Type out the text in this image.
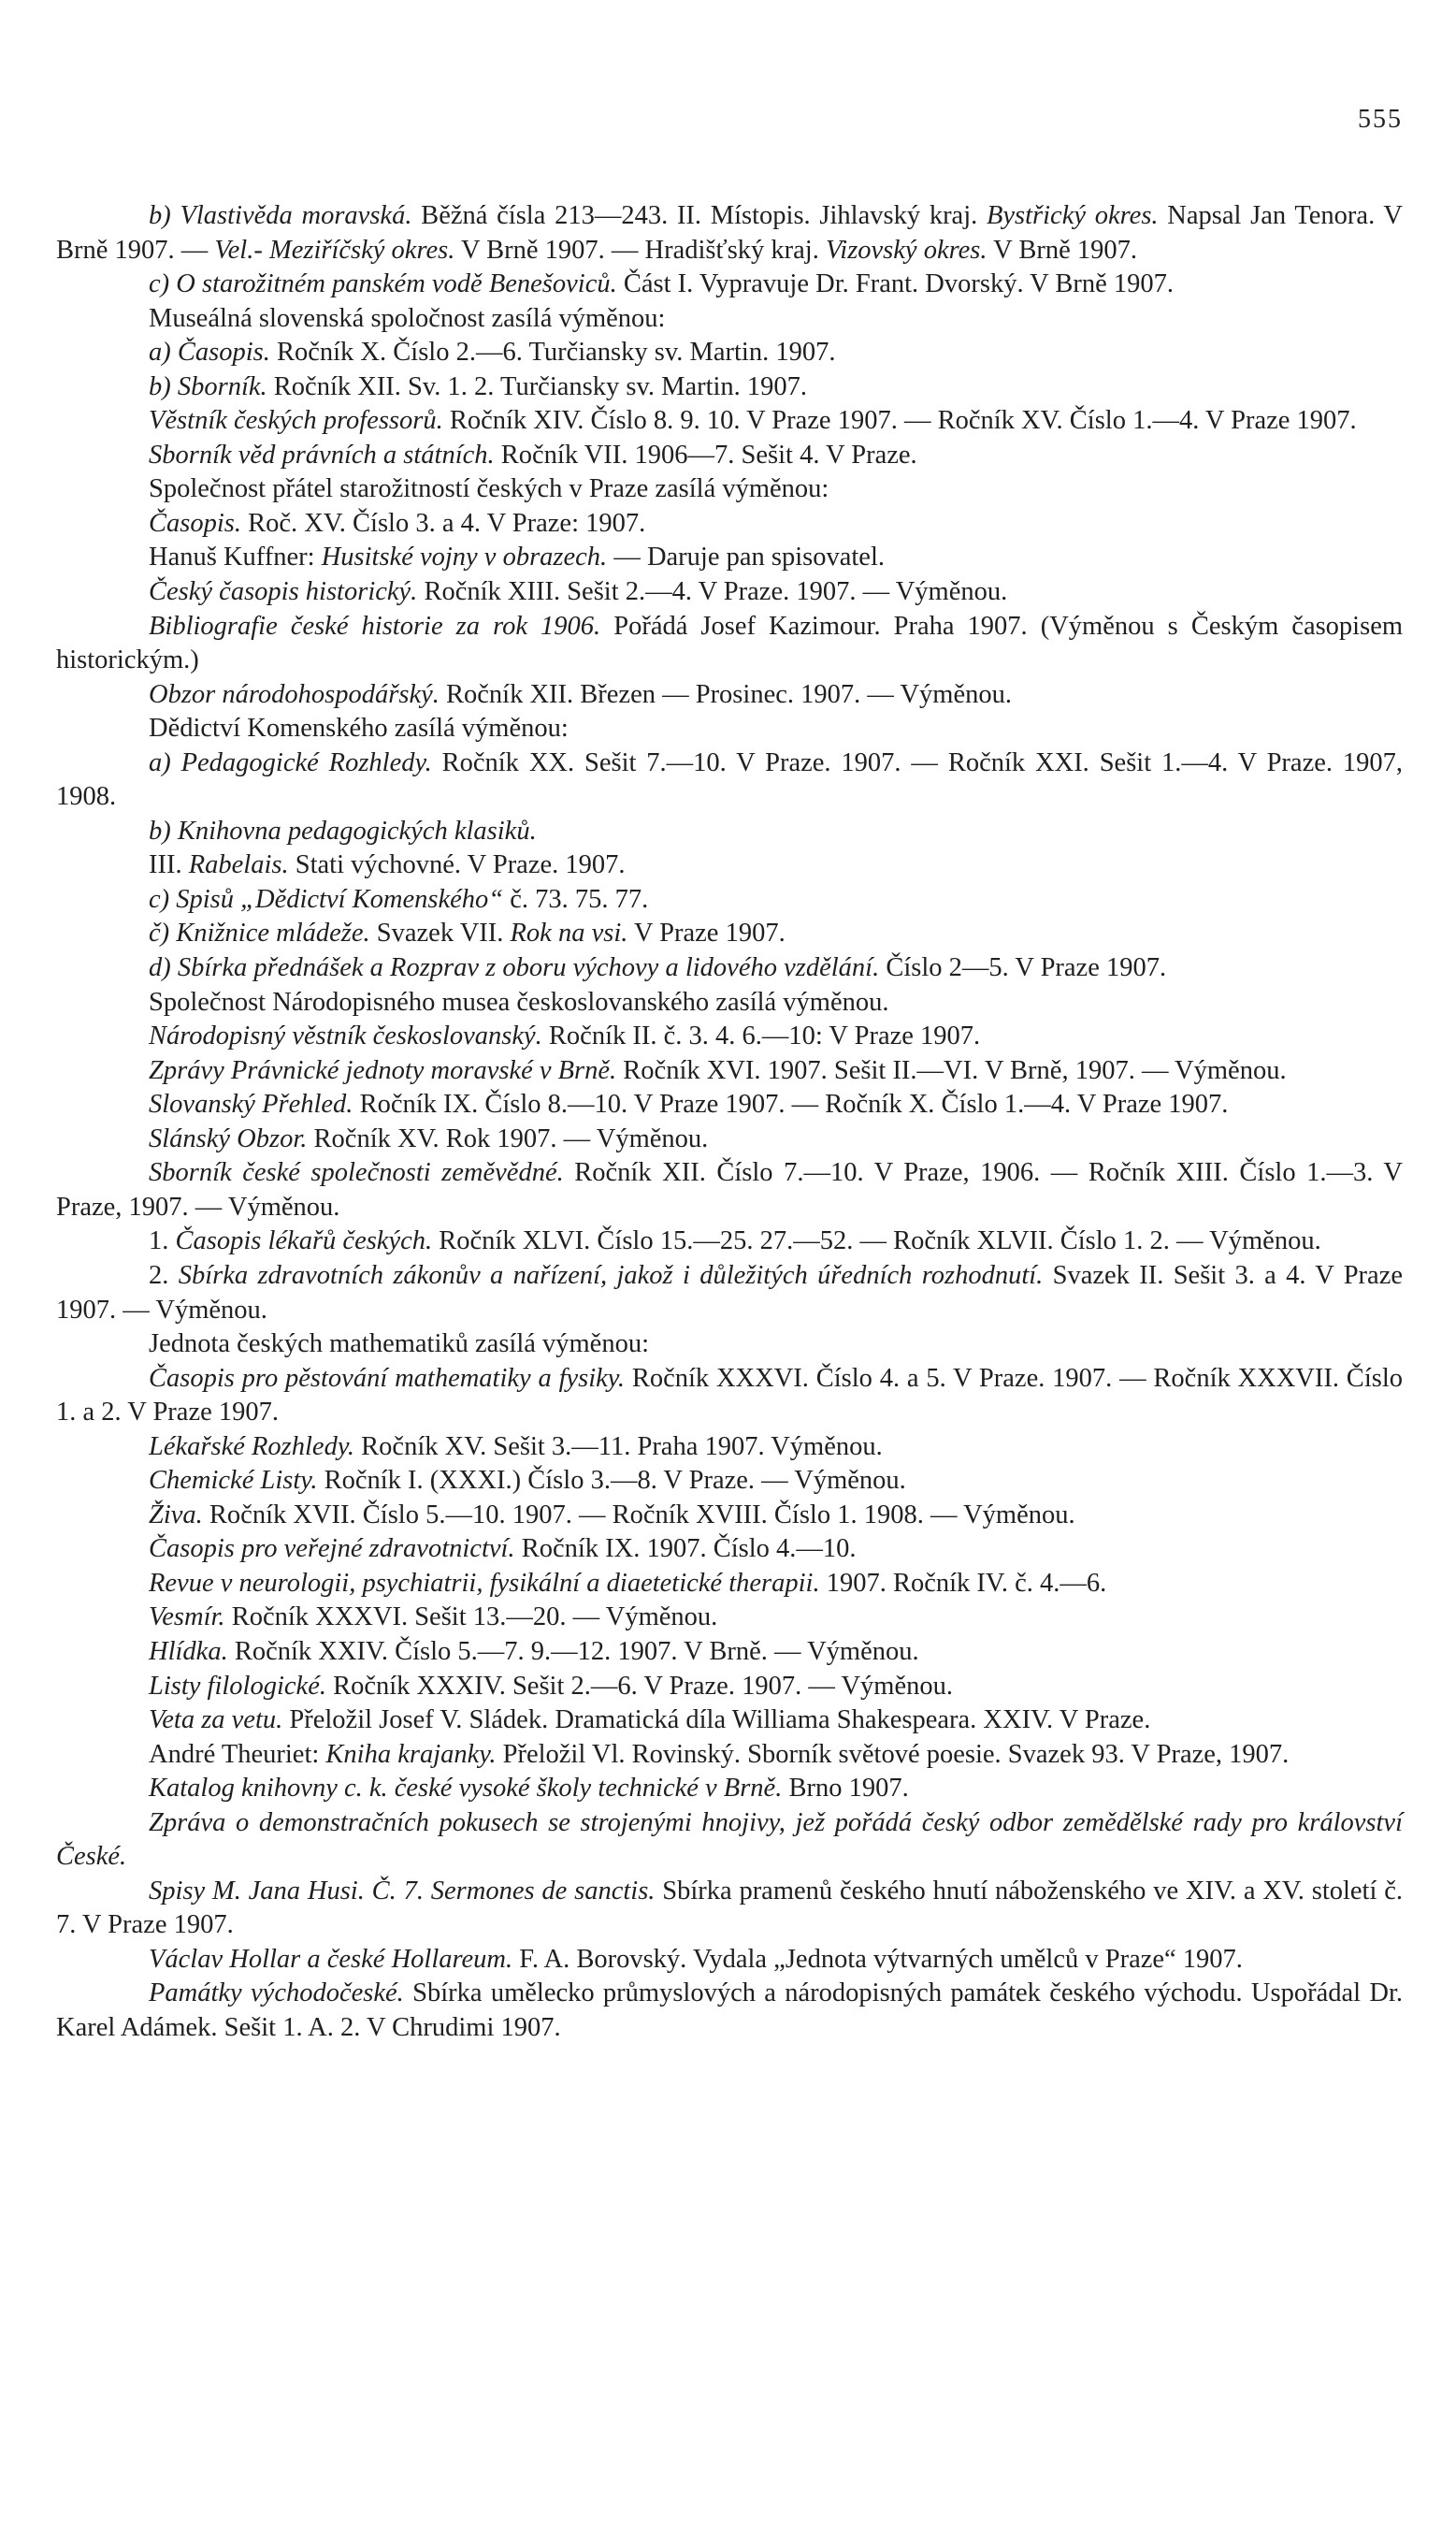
555

b) Vlastivěda moravská. Běžná čísla 213—243. II. Místopis. Jihlavský kraj. Bystřický okres. Napsal Jan Tenora. V Brně 1907. — Vel.- Meziříčský okres. V Brně 1907. — Hradišťský kraj. Vizovský okres. V Brně 1907.

c) O starožitném panském vodě Benešoviců. Část I. Vypravuje Dr. Frant. Dvorský. V Brně 1907.

Museálná slovenská spoločnost zasílá výměnou:

a) Časopis. Ročník X. Číslo 2.—6. Turčiansky sv. Martin. 1907.

b) Sborník. Ročník XII. Sv. 1. 2. Turčiansky sv. Martin. 1907.

Věstník českých professorů. Ročník XIV. Číslo 8. 9. 10. V Praze 1907. — Ročník XV. Číslo 1.—4. V Praze 1907.

Sborník věd právních a státních. Ročník VII. 1906—7. Sešit 4. V Praze.

Společnost přátel starožitností českých v Praze zasílá výměnou:

Časopis. Roč. XV. Číslo 3. a 4. V Praze: 1907.

Hanuš Kuffner: Husitské vojny v obrazech. — Daruje pan spisovatel.

Český časopis historický. Ročník XIII. Sešit 2.—4. V Praze. 1907. — Výměnou.

Bibliografie české historie za rok 1906. Pořádá Josef Kazimour. Praha 1907. (Výměnou s Českým časopisem historickým.)

Obzor národohospodářský. Ročník XII. Březen — Prosinec. 1907. — Výměnou.

Dědictví Komenského zasílá výměnou:

a) Pedagogické Rozhledy. Ročník XX. Sešit 7.—10. V Praze. 1907. — Ročník XXI. Sešit 1.—4. V Praze. 1907, 1908.

b) Knihovna pedagogických klasiků.

III. Rabelais. Stati výchovné. V Praze. 1907.

c) Spisů „Dědictví Komenského“ č. 73. 75. 77.

č) Knižnice mládeže. Svazek VII. Rok na vsi. V Praze 1907.

d) Sbírka přednášek a Rozprav z oboru výchovy a lidového vzdělání. Číslo 2—5. V Praze 1907.

Společnost Národopisného musea českoslovanského zasílá výměnou.

Národopisný věstník českoslovanský. Ročník II. č. 3. 4. 6.—10: V Praze 1907.

Zprávy Právnické jednoty moravské v Brně. Ročník XVI. 1907. Sešit II.—VI. V Brně, 1907. — Výměnou.

Slovanský Přehled. Ročník IX. Číslo 8.—10. V Praze 1907. — Ročník X. Číslo 1.—4. V Praze 1907.

Slánský Obzor. Ročník XV. Rok 1907. — Výměnou.

Sborník české společnosti zeměvědné. Ročník XII. Číslo 7.—10. V Praze, 1906. — Ročník XIII. Číslo 1.—3. V Praze, 1907. — Výměnou.

1. Časopis lékařů českých. Ročník XLVI. Číslo 15.—25. 27.—52. — Ročník XLVII. Číslo 1. 2. — Výměnou.

2. Sbírka zdravotních zákonův a nařízení, jakož i důležitých úředních rozhodnutí. Svazek II. Sešit 3. a 4. V Praze 1907. — Výměnou.

Jednota českých mathematiků zasílá výměnou:

Časopis pro pěstování mathematiky a fysiky. Ročník XXXVI. Číslo 4. a 5. V Praze. 1907. — Ročník XXXVII. Číslo 1. a 2. V Praze 1907.

Lékařské Rozhledy. Ročník XV. Sešit 3.—11. Praha 1907. Výměnou.

Chemické Listy. Ročník I. (XXXI.) Číslo 3.—8. V Praze. — Výměnou.

Živa. Ročník XVII. Číslo 5.—10. 1907. — Ročník XVIII. Číslo 1. 1908. — Výměnou.

Časopis pro veřejné zdravotnictví. Ročník IX. 1907. Číslo 4.—10.

Revue v neurologii, psychiatrii, fysikální a diaetetické therapii. 1907. Ročník IV. č. 4.—6.

Vesmír. Ročník XXXVI. Sešit 13.—20. — Výměnou.

Hlídka. Ročník XXIV. Číslo 5.—7. 9.—12. 1907. V Brně. — Výměnou.

Listy filologické. Ročník XXXIV. Sešit 2.—6. V Praze. 1907. — Výměnou.

Veta za vetu. Přeložil Josef V. Sládek. Dramatická díla Williama Shakespeara. XXIV. V Praze.

André Theuriet: Kniha krajanky. Přeložil Vl. Rovinský. Sborník světové poesie. Svazek 93. V Praze, 1907.

Katalog knihovny c. k. české vysoké školy technické v Brně. Brno 1907.

Zpráva o demonstračních pokusech se strojenými hnojivy, jež pořádá český odbor zemědělské rady pro království České.

Spisy M. Jana Husi. Č. 7. Sermones de sanctis. Sbírka pramenů českého hnutí náboženského ve XIV. a XV. století č. 7. V Praze 1907.

Václav Hollar a české Hollareum. F. A. Borovský. Vydala „Jednota výtvarných umělců v Praze“ 1907.

Památky východočeské. Sbírka umělecko průmyslových a národopisných památek českého východu. Uspořádal Dr. Karel Adámek. Sešit 1. A. 2. V Chrudimi 1907.
